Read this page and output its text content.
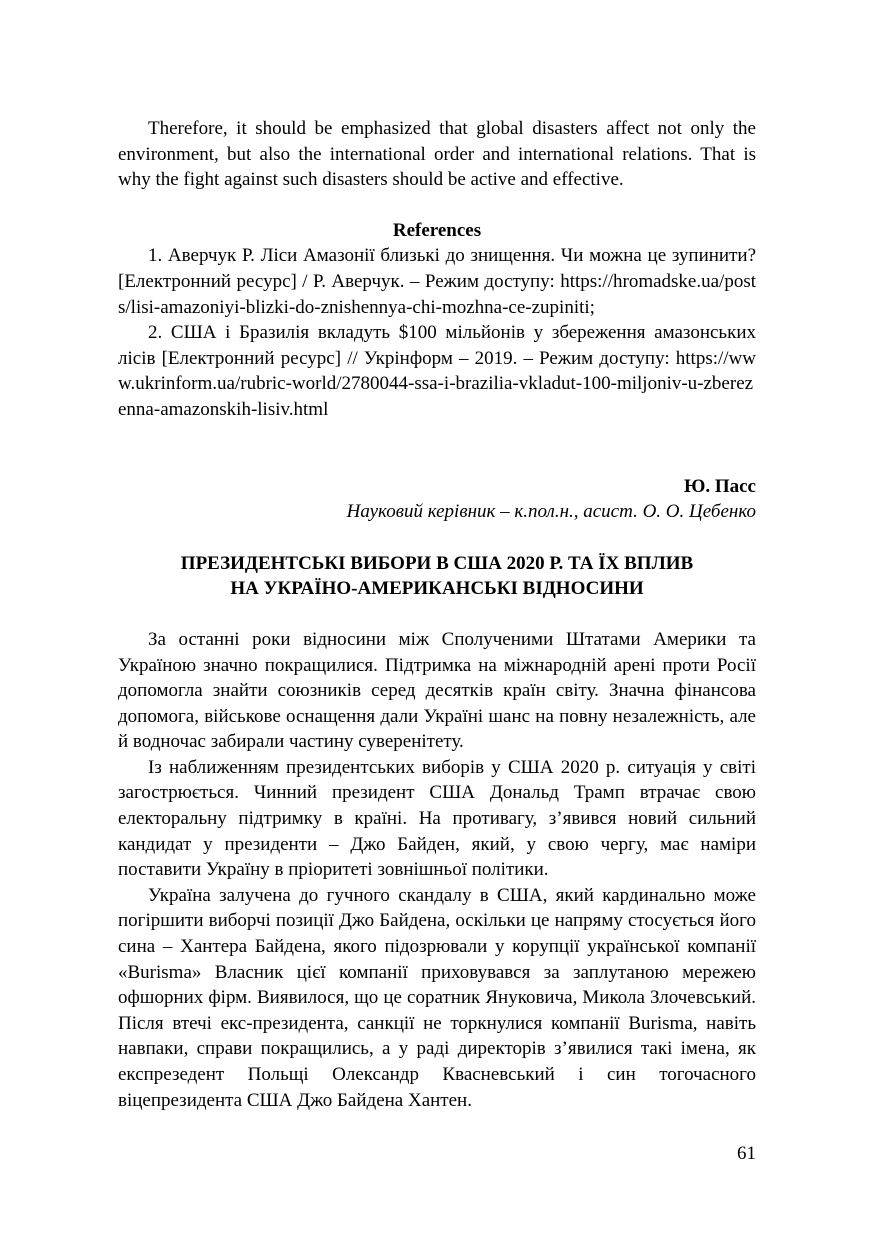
Therefore, it should be emphasized that global disasters affect not only the environment, but also the international order and international relations. That is why the fight against such disasters should be active and effective.

References

1. Аверчук Р. Ліси Амазонії близькі до знищення. Чи можна це зупинити? [Електронний ресурс] / Р. Аверчук. – Режим доступу: https://hromadske.ua/posts/lisi-amazoniyi-blizki-do-znishennya-chi-mozhna-ce-zupiniti;

2. США і Бразилія вкладуть $100 мільйонів у збереження амазонських лісів [Електронний ресурс] // Укрінформ – 2019. – Режим доступу: https://www.ukrinform.ua/rubric-world/2780044-ssa-i-brazilia-vkladut-100-miljoniv-u-zberezenna-amazonskih-lisiv.html

Ю. Пасс

Науковий керівник – к.пол.н., асист. О. О. Цебенко

ПРЕЗИДЕНТСЬКІ ВИБОРИ В США 2020 Р. ТА ЇХ ВПЛИВ
НА УКРАЇНО-АМЕРИКАНСЬКІ ВІДНОСИНИ

За останні роки відносини між Сполученими Штатами Америки та Україною значно покращилися. Підтримка на міжнародній арені проти Росії допомогла знайти союзників серед десятків країн світу. Значна фінансова допомога, військове оснащення дали Україні шанс на повну незалежність, але й водночас забирали частину суверенітету.

Із наближенням президентських виборів у США 2020 р. ситуація у світі загострюється. Чинний президент США Дональд Трамп втрачає свою електоральну підтримку в країні. На противагу, з’явився новий сильний кандидат у президенти – Джо Байден, який, у свою чергу, має наміри поставити Україну в пріоритеті зовнішньої політики.

Україна залучена до гучного скандалу в США, який кардинально може погіршити виборчі позиції Джо Байдена, оскільки це напряму стосується його сина – Хантера Байдена, якого підозрювали у корупції української компанії «Burisma» Власник цієї компанії приховувався за заплутаною мережею офшорних фірм. Виявилося, що це соратник Януковича, Микола Злочевський. Після втечі екс-президента, санкції не торкнулися компанії Burisma, навіть навпаки, справи покращились, а у раді директорів з’явилися такі імена, як експрезедент Польщі Олександр Квасневський і син тогочасного віцепрезидента США Джо Байдена Хантен.

61
